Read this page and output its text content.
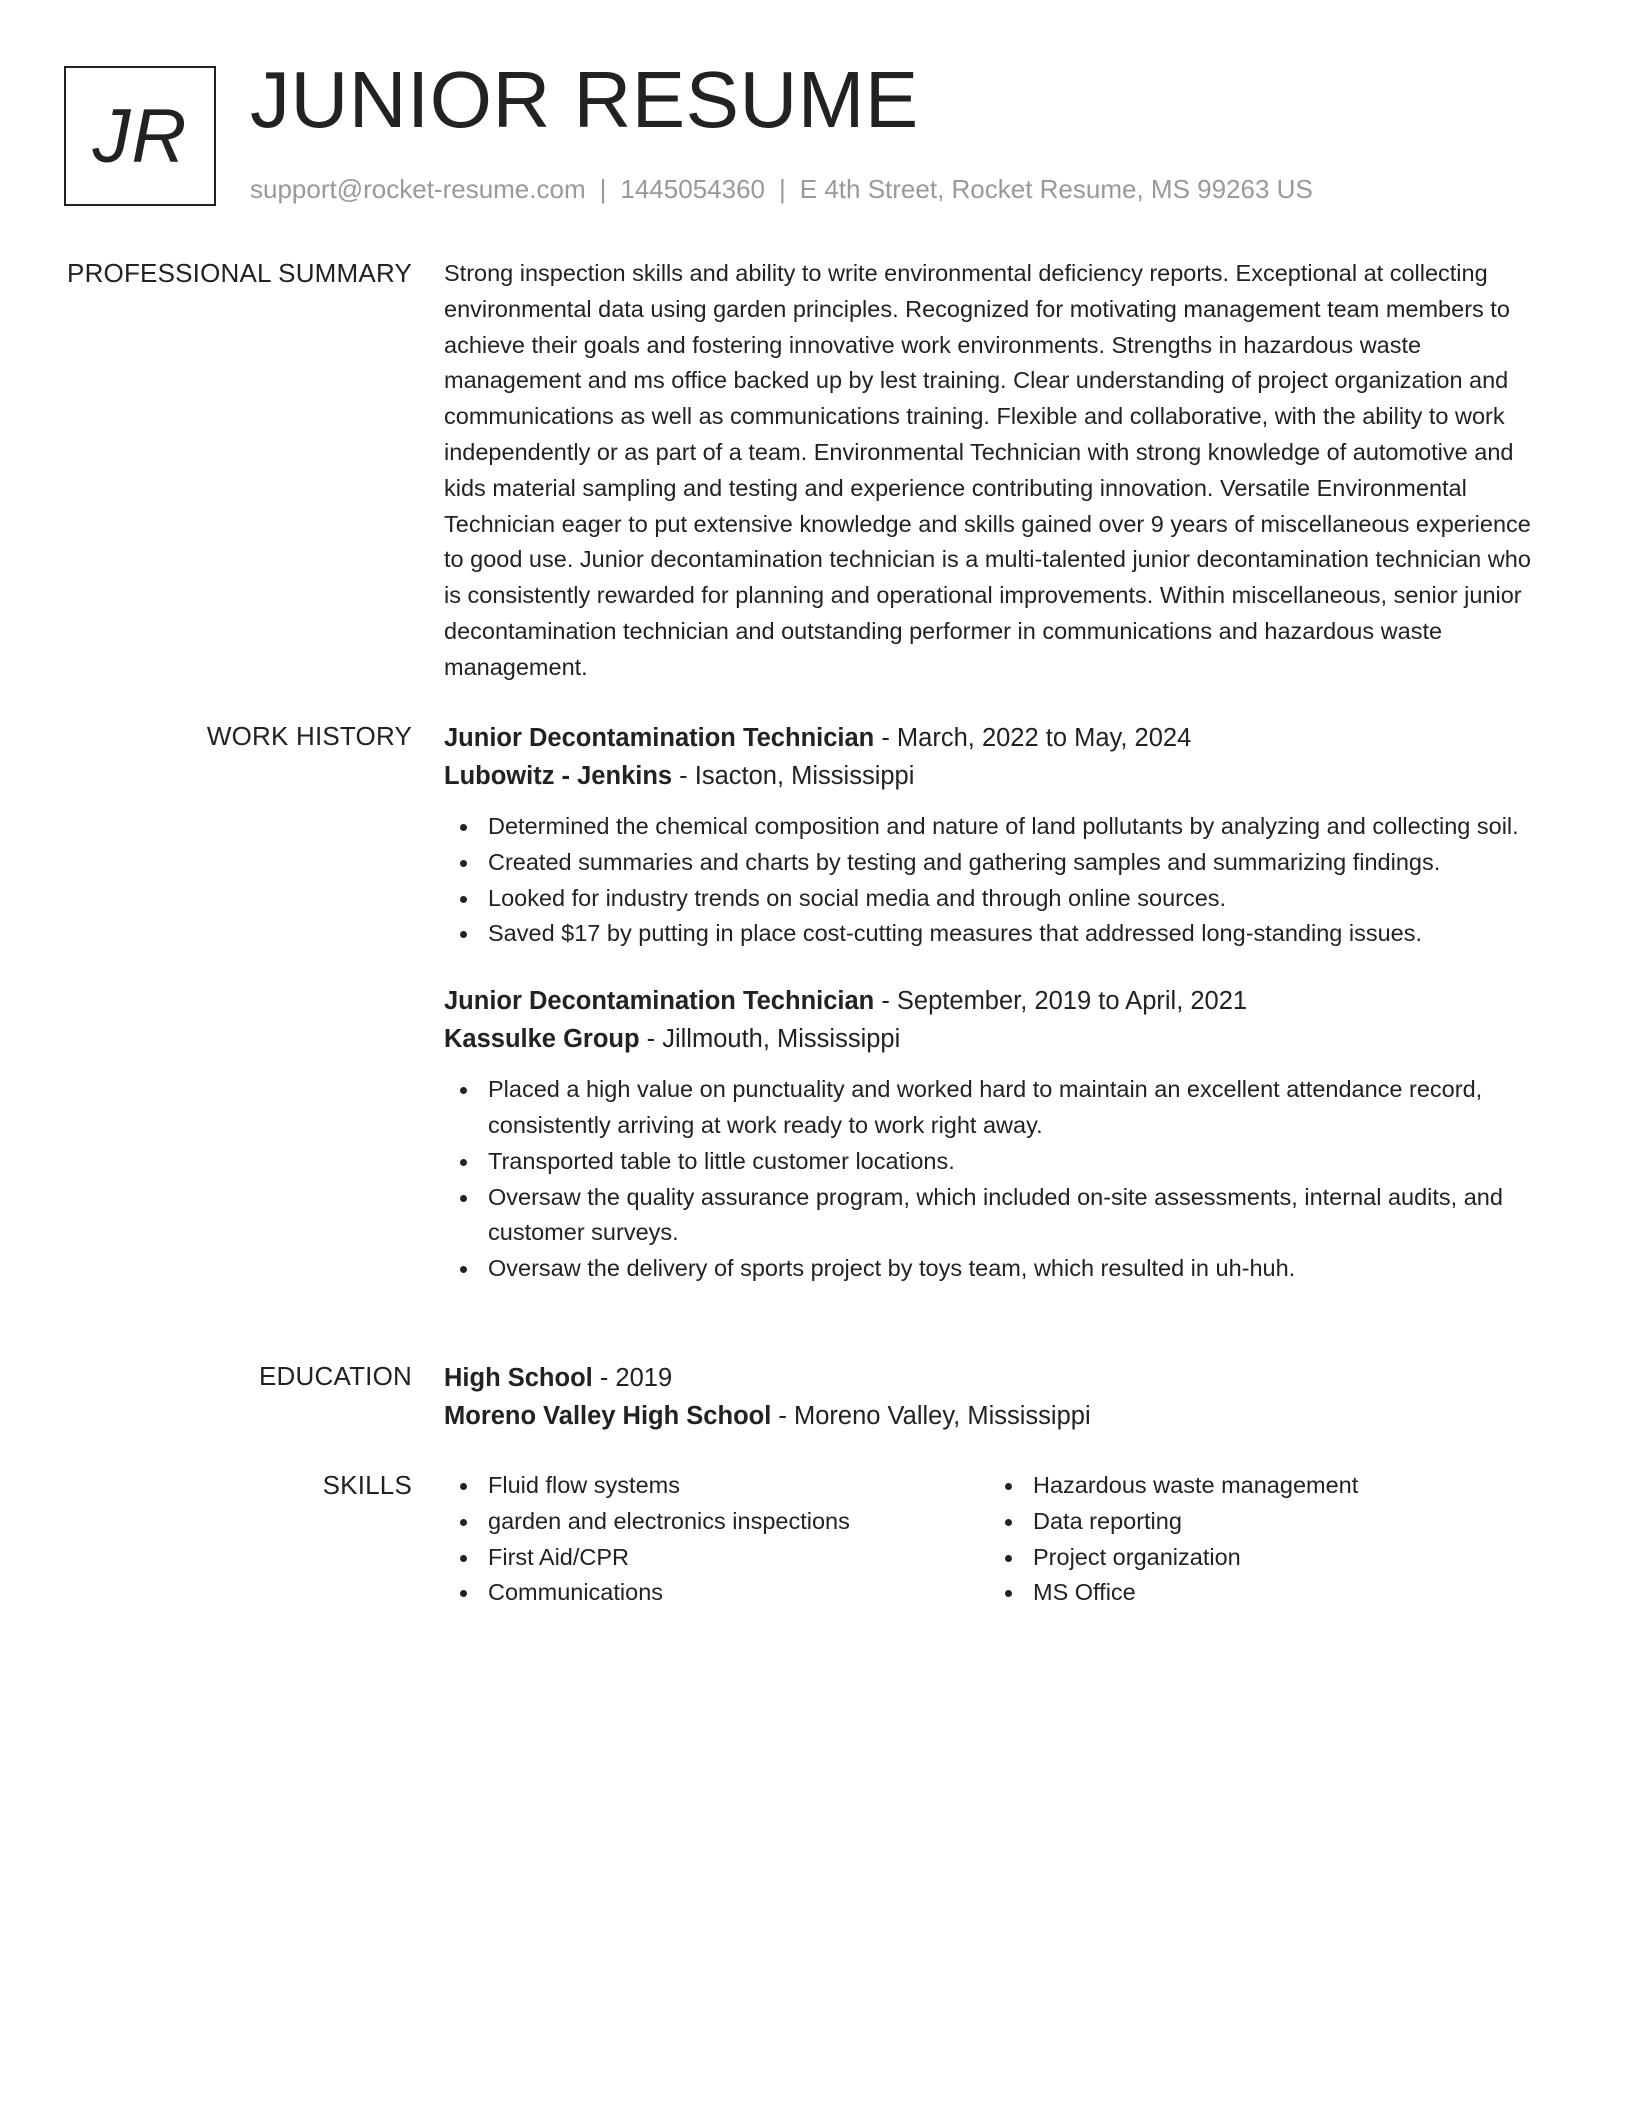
JR JUNIOR RESUME
support@rocket-resume.com | 1445054360 | E 4th Street, Rocket Resume, MS 99263 US
PROFESSIONAL SUMMARY Strong inspection skills and ability to write environmental deficiency reports. Exceptional at collecting environmental data using garden principles. Recognized for motivating management team members to achieve their goals and fostering innovative work environments. Strengths in hazardous waste management and ms office backed up by lest training. Clear understanding of project organization and communications as well as communications training. Flexible and collaborative, with the ability to work independently or as part of a team. Environmental Technician with strong knowledge of automotive and kids material sampling and testing and experience contributing innovation. Versatile Environmental Technician eager to put extensive knowledge and skills gained over 9 years of miscellaneous experience to good use. Junior decontamination technician is a multi-talented junior decontamination technician who is consistently rewarded for planning and operational improvements. Within miscellaneous, senior junior decontamination technician and outstanding performer in communications and hazardous waste management.

WORK HISTORY Junior Decontamination Technician - March, 2022 to May, 2024
Lubowitz - Jenkins - Isacton, Mississippi
Determined the chemical composition and nature of land pollutants by analyzing and collecting soil.
Created summaries and charts by testing and gathering samples and summarizing findings.
Looked for industry trends on social media and through online sources.
Saved $17 by putting in place cost-cutting measures that addressed long-standing issues.
Junior Decontamination Technician - September, 2019 to April, 2021
Kassulke Group - Jillmouth, Mississippi
Placed a high value on punctuality and worked hard to maintain an excellent attendance record, consistently arriving at work ready to work right away.
Transported table to little customer locations.
Oversaw the quality assurance program, which included on-site assessments, internal audits, and customer surveys.
Oversaw the delivery of sports project by toys team, which resulted in uh-huh.
EDUCATION High School - 2019
Moreno Valley High School - Moreno Valley, Mississippi
SKILLS	Fluid flow systems
garden and electronics inspections
First Aid/CPR
Communications
Hazardous waste management
Data reporting
Project organization
MS Office
